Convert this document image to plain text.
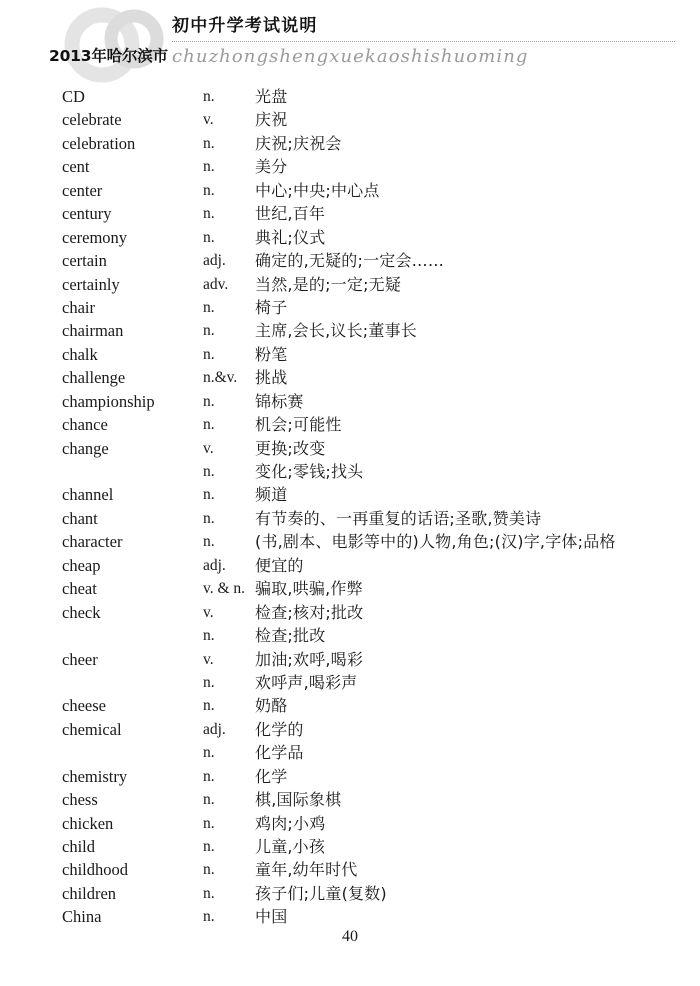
2013年哈尔滨市
初中升学考试说明
chuzhongshengxuekaoshishuoming
CD	n.	光盘
celebrate	v.	庆祝
celebration	n.	庆祝;庆祝会
cent	n.	美分
center	n.	中心;中央;中心点
century	n.	世纪,百年
ceremony	n.	典礼;仪式
certain	adj. 确定的,无疑的;一定会……
certainly	adv. 当然,是的;一定;无疑
chair	n.	椅子
chairman	n.	主席,会长,议长;董事长
chalk	n.	粉笔
challenge	n.&v. 挑战
championship	n.	锦标赛
chance	n.	机会;可能性
change	v.	更换;改变
n.	变化;零钱;找头
channel	n.	频道
chant	n.	有节奏的、一再重复的话语;圣歌,赞美诗
character	n.	(书,剧本、电影等中的)人物,角色;(汉)字,字体;品格
cheap	adj. 便宜的
cheat	v. & n. 骗取,哄骗,作弊
check	v.	检查;核对;批改
n.	检查;批改
cheer	v.	加油;欢呼,喝彩
n.	欢呼声,喝彩声
cheese	n.	奶酪
chemical	adj. 化学的
n.	化学品
chemistry	n.	化学
chess	n.	棋,国际象棋
chicken	n.	鸡肉;小鸡
child	n.	儿童,小孩
childhood	n.	童年,幼年时代
children	n.	孩子们;儿童(复数)
China	n.	中国
40
